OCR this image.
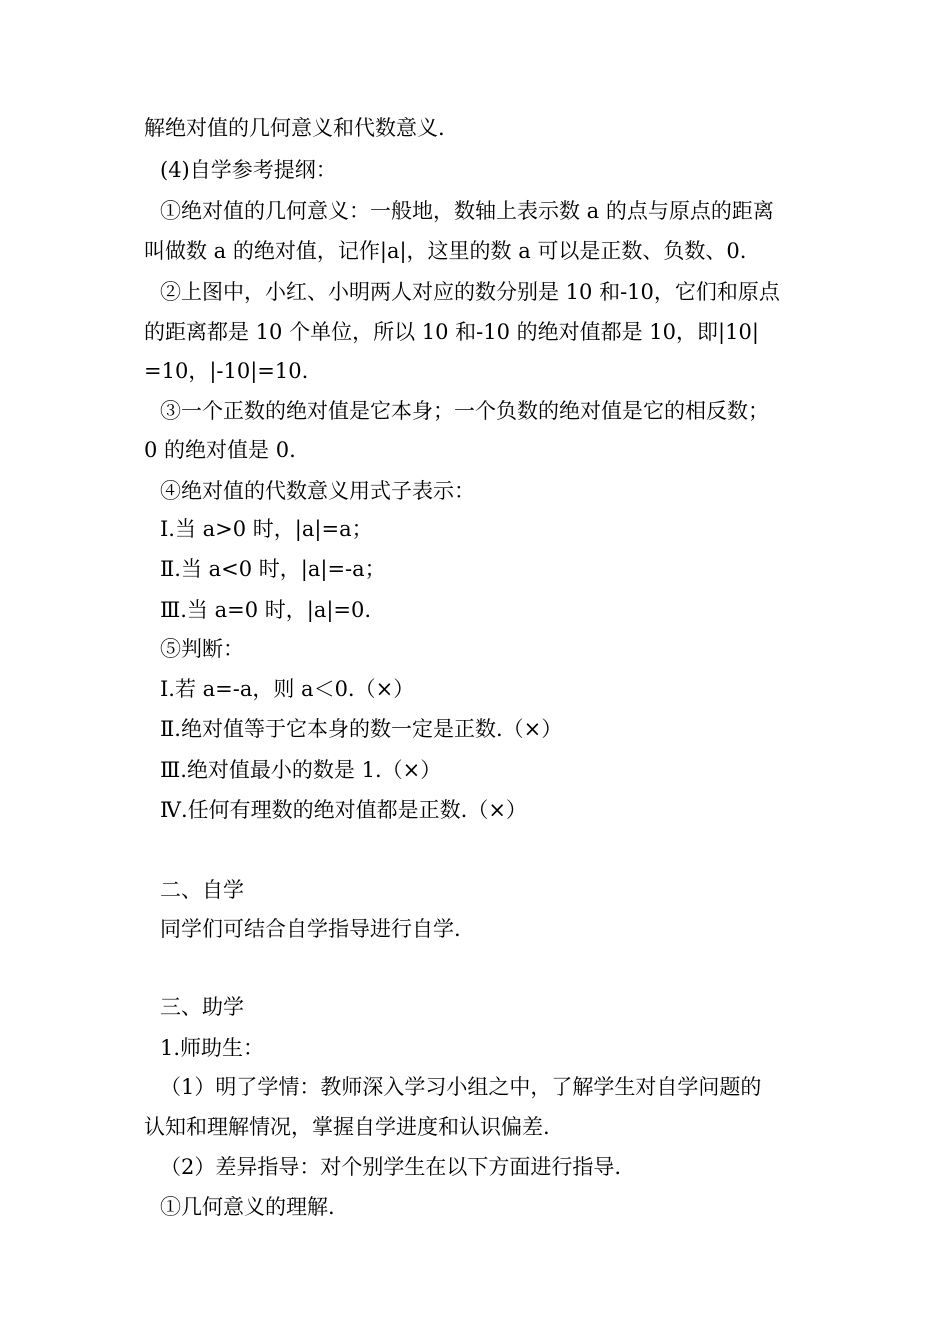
解绝对值的几何意义和代数意义.

(4)自学参考提纲：

①绝对值的几何意义：一般地，数轴上表示数 a 的点与原点的距离

叫做数 a 的绝对值，记作|a|，这里的数 a 可以是正数、负数、0.

②上图中，小红、小明两人对应的数分别是 10 和-10，它们和原点

的距离都是 10 个单位，所以 10 和-10 的绝对值都是 10，即|10|

=10，|-10|=10.

③一个正数的绝对值是它本身；一个负数的绝对值是它的相反数；

0 的绝对值是 0.

④绝对值的代数意义用式子表示：

Ⅰ.当 a>0 时，|a|=a；

Ⅱ.当 a<0 时，|a|=-a；

Ⅲ.当 a=0 时，|a|=0.

⑤判断：

Ⅰ.若 a=-a，则 a＜0.（×）

Ⅱ.绝对值等于它本身的数一定是正数.（×）

Ⅲ.绝对值最小的数是 1.（×）

Ⅳ.任何有理数的绝对值都是正数.（×）

二、自学

同学们可结合自学指导进行自学.

三、助学

1.师助生：

（1）明了学情：教师深入学习小组之中，了解学生对自学问题的

认知和理解情况，掌握自学进度和认识偏差.

（2）差异指导：对个别学生在以下方面进行指导.

①几何意义的理解.
